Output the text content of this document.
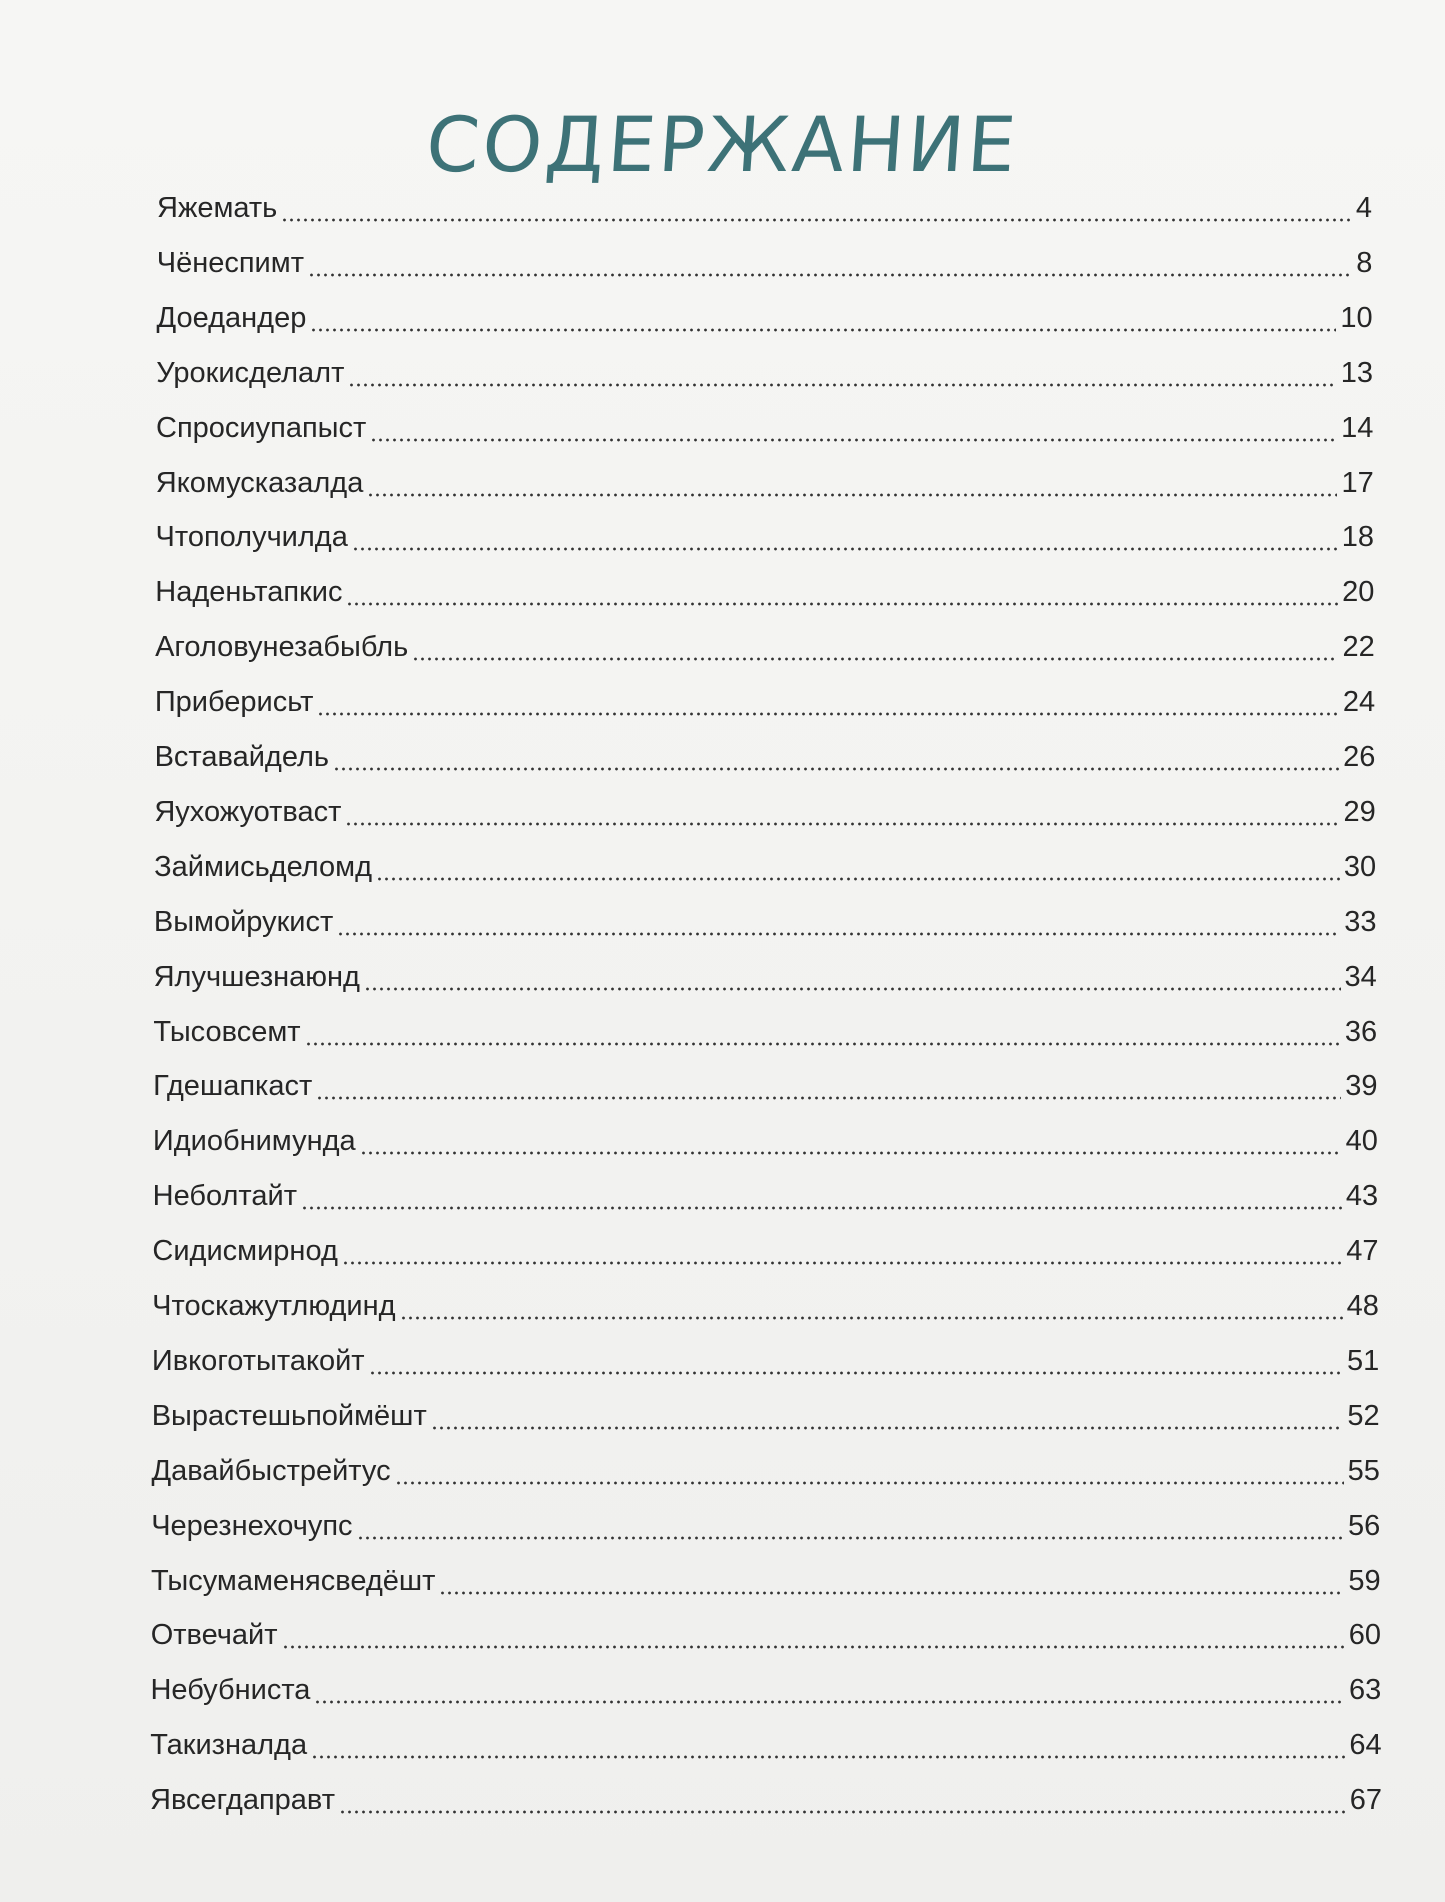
СОДЕРЖАНИЕ
Яжемать	4
Чёнеспимт	8
Доедандер	10
Урокисделалт	13
Спросиупапыст	14
Якомусказалда	17
Чтополучилда	18
Наденьтапкис	20
Аголовунезабыбль	22
Приберисьт	24
Вставайдель	26
Яухожуотваст	29
Займисьделомд	30
Вымойрукист	33
Ялучшезнаюнд	34
Тысовсемт	36
Гдешапкаст	39
Идиобнимунда	40
Неболтайт	43
Сидисмирнод	47
Чтоскажутлюдинд	48
Ивкоготытакойт	51
Вырастешьпоймёшт	52
Давайбыстрейтус	55
Черезнехочупс	56
Тысумаменясведёшт	59
Отвечайт	60
Небубниста	63
Такизналда	64
Явсегдаправт	67
